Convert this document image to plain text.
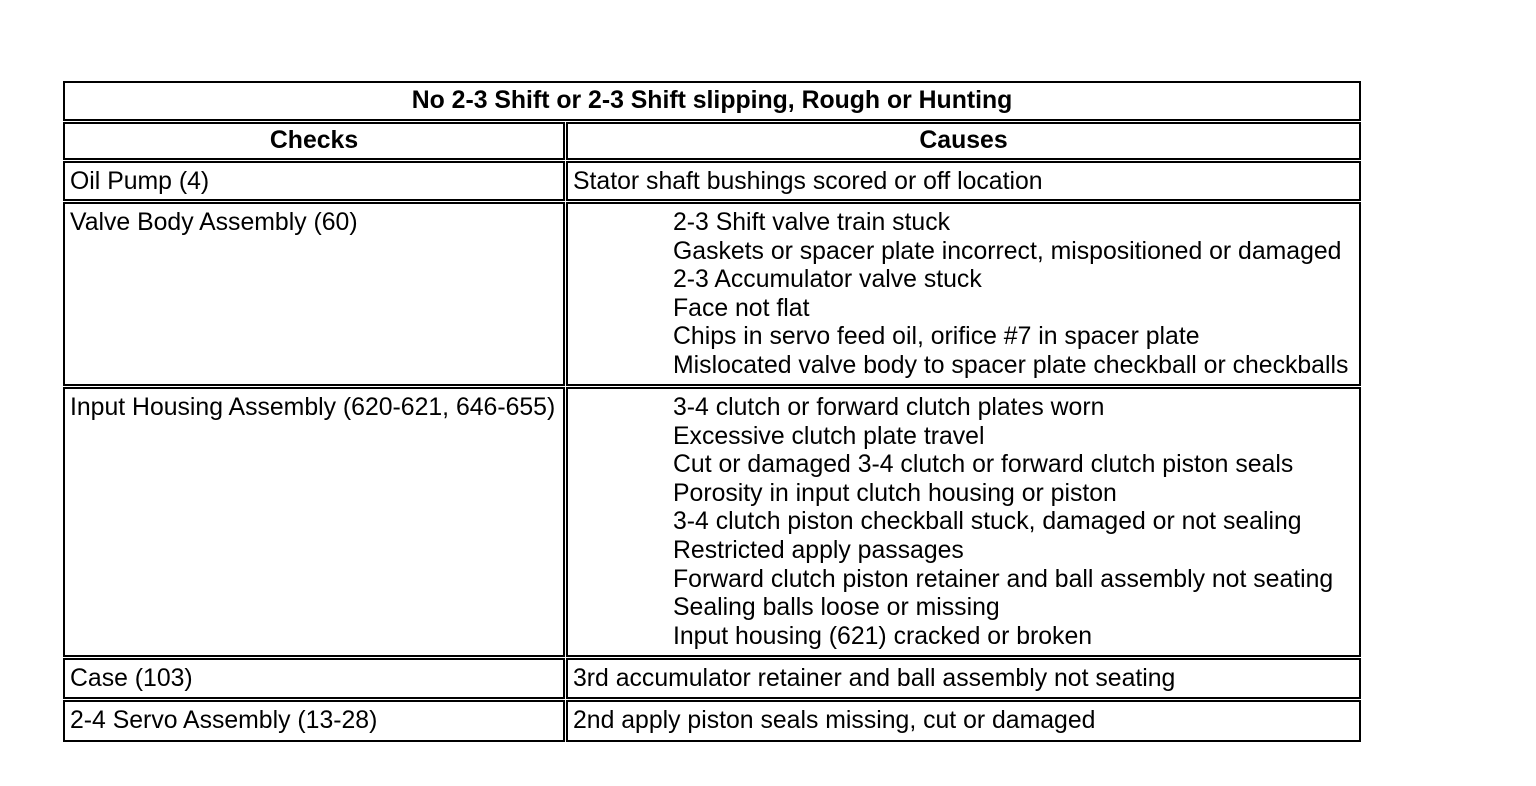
No 2-3 Shift or 2-3 Shift slipping, Rough or Hunting
Checks	Causes
Oil Pump (4)	Stator shaft bushings scored or off location
Valve Body Assembly (60)	2-3 Shift valve train stuck
Gaskets or spacer plate incorrect, mispositioned or damaged
2-3 Accumulator valve stuck
Face not flat
Chips in servo feed oil, orifice #7 in spacer plate
Mislocated valve body to spacer plate checkball or checkballs
Input Housing Assembly (620-621, 646-655)	3-4 clutch or forward clutch plates worn
Excessive clutch plate travel
Cut or damaged 3-4 clutch or forward clutch piston seals
Porosity in input clutch housing or piston
3-4 clutch piston checkball stuck, damaged or not sealing
Restricted apply passages
Forward clutch piston retainer and ball assembly not seating
Sealing balls loose or missing
Input housing (621) cracked or broken
Case (103)	3rd accumulator retainer and ball assembly not seating
2-4 Servo Assembly (13-28)	2nd apply piston seals missing, cut or damaged
